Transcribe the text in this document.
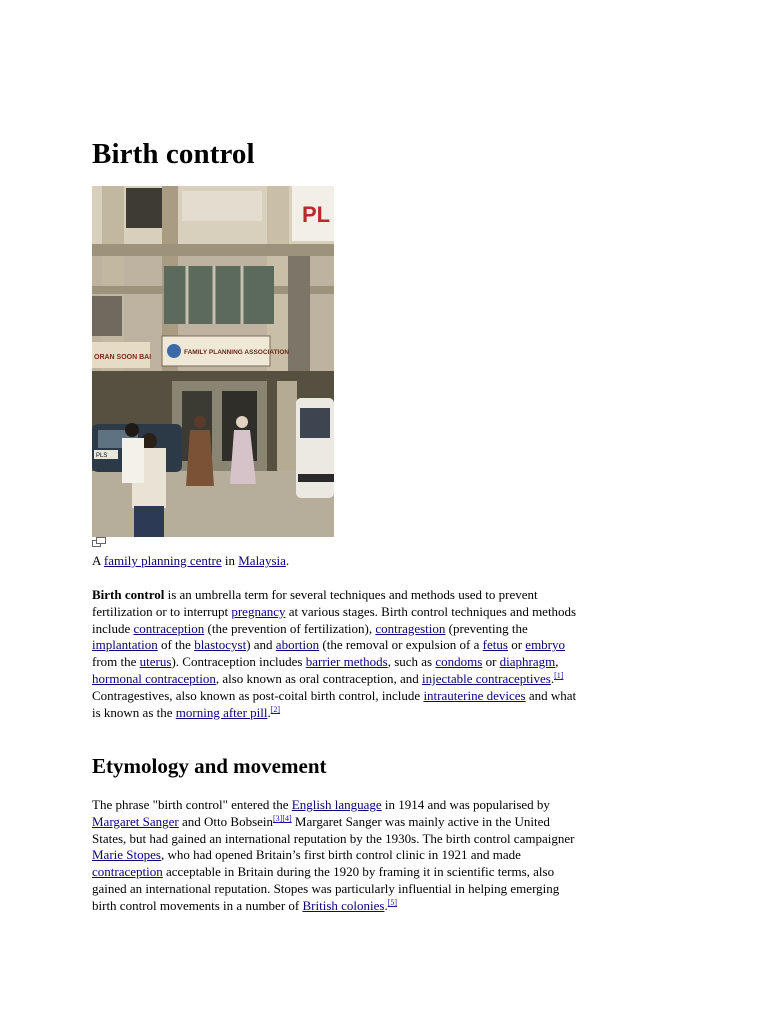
Birth control
PL
FAMILY PLANNING ASSOCIATION
ORAN SOON BAI
PLS
A family planning centre in Malaysia.
Birth control is an umbrella term for several techniques and methods used to prevent
fertilization or to interrupt pregnancy at various stages. Birth control techniques and methods
include contraception (the prevention of fertilization), contragestion (preventing the
implantation of the blastocyst) and abortion (the removal or expulsion of a fetus or embryo
from the uterus). Contraception includes barrier methods, such as condoms or diaphragm,
hormonal contraception, also known as oral contraception, and injectable contraceptives.[1]
Contragestives, also known as post-coital birth control, include intrauterine devices and what
is known as the morning after pill.[2]
Etymology and movement
The phrase "birth control" entered the English language in 1914 and was popularised by
Margaret Sanger and Otto Bobsein[3][4] Margaret Sanger was mainly active in the United
States, but had gained an international reputation by the 1930s. The birth control campaigner
Marie Stopes, who had opened Britain’s first birth control clinic in 1921 and made
contraception acceptable in Britain during the 1920 by framing it in scientific terms, also
gained an international reputation. Stopes was particularly influential in helping emerging
birth control movements in a number of British colonies.[5]
